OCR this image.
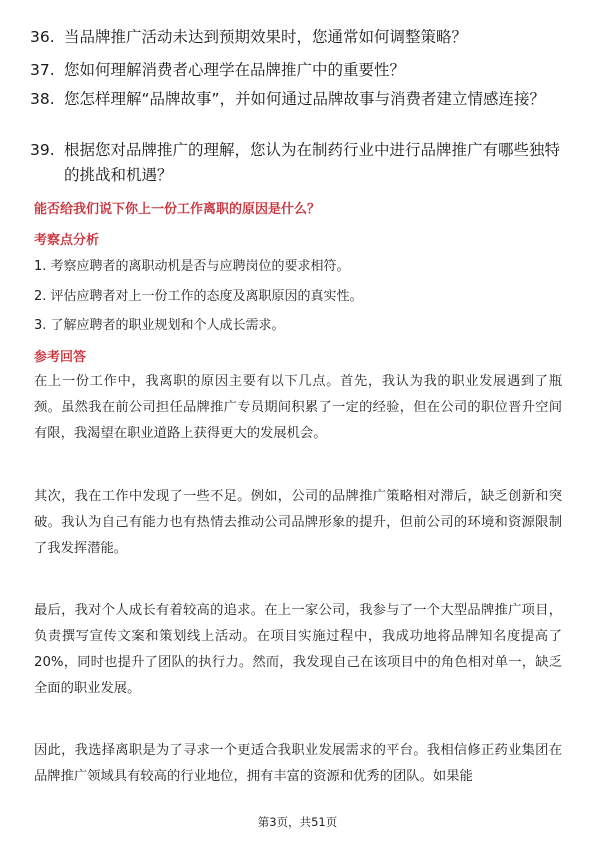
36. 当品牌推广活动未达到预期效果时，您通常如何调整策略？
37. 您如何理解消费者心理学在品牌推广中的重要性？
38. 您怎样理解“品牌故事”，并如何通过品牌故事与消费者建立情感连接？
39. 根据您对品牌推广的理解，您认为在制药行业中进行品牌推广有哪些独特的挑战和机遇？
能否给我们说下你上一份工作离职的原因是什么？
考察点分析
1. 考察应聘者的离职动机是否与应聘岗位的要求相符。
2. 评估应聘者对上一份工作的态度及离职原因的真实性。
3. 了解应聘者的职业规划和个人成长需求。
参考回答
在上一份工作中，我离职的原因主要有以下几点。首先，我认为我的职业发展遇到了瓶颈。虽然我在前公司担任品牌推广专员期间积累了一定的经验，但在公司的职位晋升空间有限，我渴望在职业道路上获得更大的发展机会。
其次，我在工作中发现了一些不足。例如，公司的品牌推广策略相对滞后，缺乏创新和突破。我认为自己有能力也有热情去推动公司品牌形象的提升，但前公司的环境和资源限制了我发挥潜能。
最后，我对个人成长有着较高的追求。在上一家公司，我参与了一个大型品牌推广项目，负责撰写宣传文案和策划线上活动。在项目实施过程中，我成功地将品牌知名度提高了20%，同时也提升了团队的执行力。然而，我发现自己在该项目中的角色相对单一，缺乏全面的职业发展。
因此，我选择离职是为了寻求一个更适合我职业发展需求的平台。我相信修正药业集团在品牌推广领域具有较高的行业地位，拥有丰富的资源和优秀的团队。如果能
第3页，共51页
